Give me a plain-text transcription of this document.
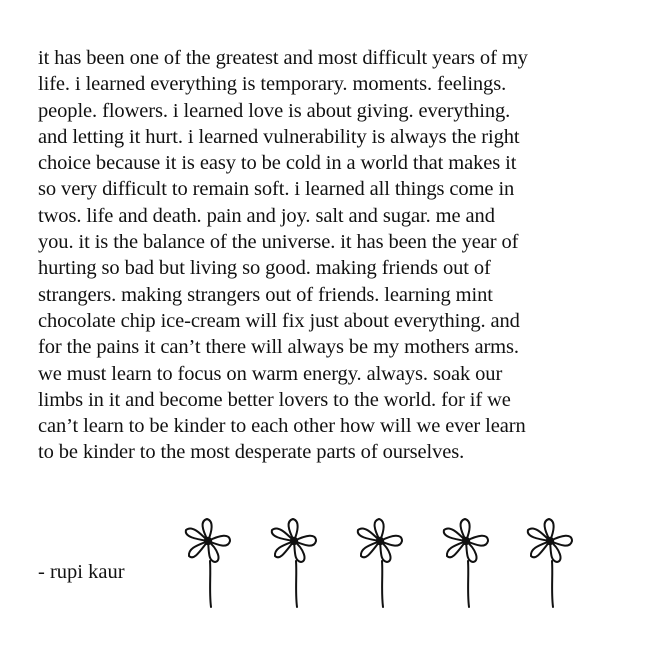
it has been one of the greatest and most difficult years of my
life. i learned everything is temporary. moments. feelings.
people. flowers. i learned love is about giving. everything.
and letting it hurt. i learned vulnerability is always the right
choice because it is easy to be cold in a world that makes it
so very difficult to remain soft. i learned all things come in
twos. life and death. pain and joy. salt and sugar. me and
you. it is the balance of the universe. it has been the year of
hurting so bad but living so good. making friends out of
strangers. making strangers out of friends. learning mint
chocolate chip ice-cream will fix just about everything. and
for the pains it can’t there will always be my mothers arms.
we must learn to focus on warm energy. always. soak our
limbs in it and become better lovers to the world. for if we
can’t learn to be kinder to each other how will we ever learn
to be kinder to the most desperate parts of ourselves.
- rupi kaur
